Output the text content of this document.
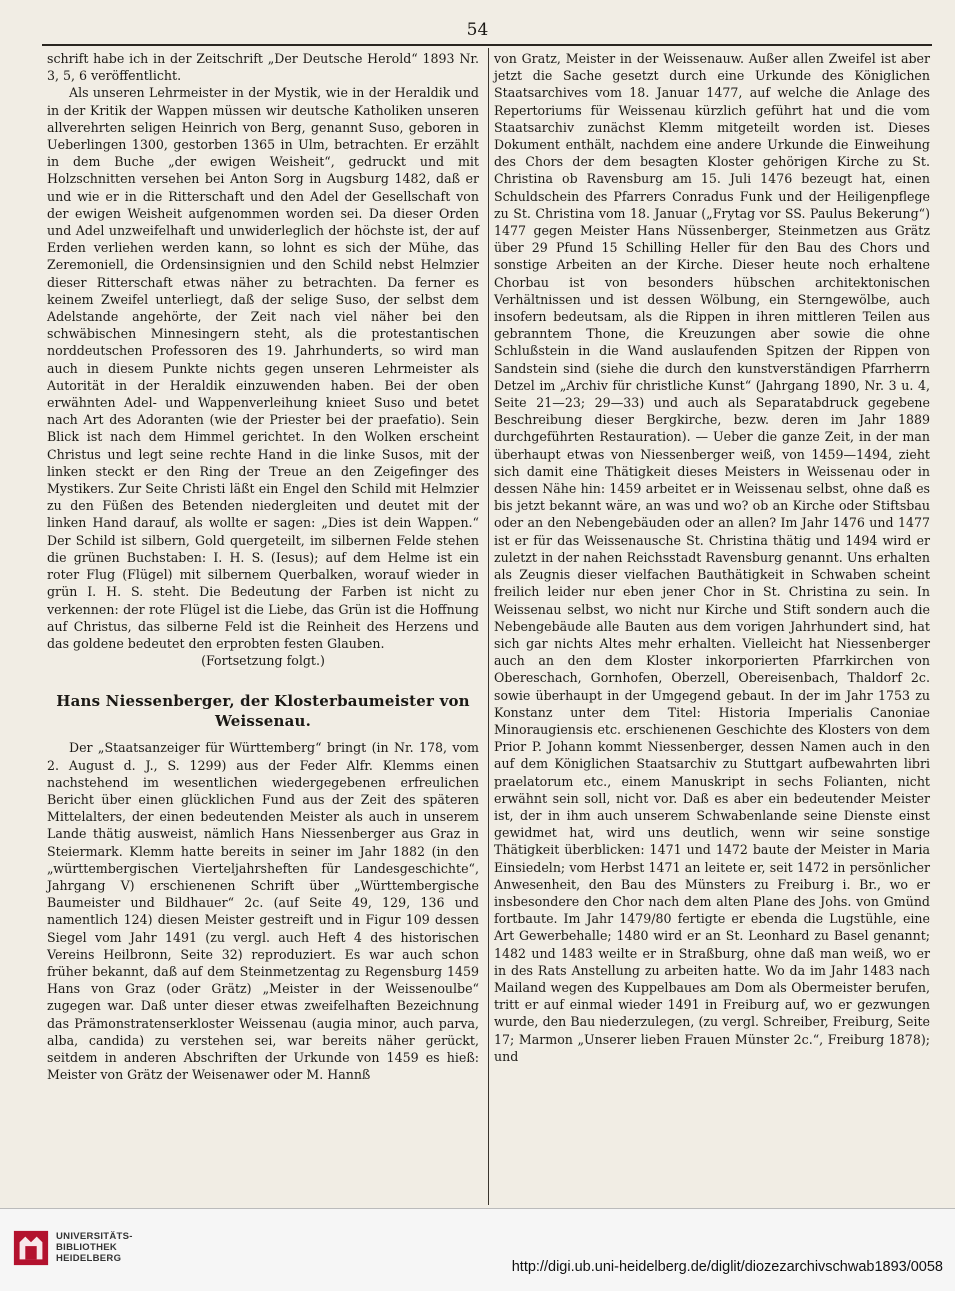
54

schrift habe ich in der Zeitschrift „Der Deutsche Herold“ 1893 Nr. 3, 5, 6 veröffentlicht.

Als unseren Lehrmeister in der Mystik, wie in der Heraldik und in der Kritik der Wappen müssen wir deutsche Katholiken unseren allverehrten seligen Heinrich von Berg, genannt Suso, geboren in Ueberlingen 1300, gestorben 1365 in Ulm, betrachten. Er erzählt in dem Buche „der ewigen Weisheit“, gedruckt und mit Holzschnitten versehen bei Anton Sorg in Augsburg 1482, daß er und wie er in die Ritterschaft und den Adel der Gesellschaft von der ewigen Weisheit aufgenommen worden sei. Da dieser Orden und Adel unzweifelhaft und unwiderleglich der höchste ist, der auf Erden verliehen werden kann, so lohnt es sich der Mühe, das Zeremoniell, die Ordensinsignien und den Schild nebst Helmzier dieser Ritterschaft etwas näher zu betrachten. Da ferner es keinem Zweifel unterliegt, daß der selige Suso, der selbst dem Adelstande angehörte, der Zeit nach viel näher bei den schwäbischen Minnesingern steht, als die protestantischen norddeutschen Professoren des 19. Jahrhunderts, so wird man auch in diesem Punkte nichts gegen unseren Lehrmeister als Autorität in der Heraldik einzuwenden haben. Bei der oben erwähnten Adel- und Wappenverleihung knieet Suso und betet nach Art des Adoranten (wie der Priester bei der praefatio). Sein Blick ist nach dem Himmel gerichtet. In den Wolken erscheint Christus und legt seine rechte Hand in die linke Susos, mit der linken steckt er den Ring der Treue an den Zeigefinger des Mystikers. Zur Seite Christi läßt ein Engel den Schild mit Helmzier zu den Füßen des Betenden niedergleiten und deutet mit der linken Hand darauf, als wollte er sagen: „Dies ist dein Wappen.“ Der Schild ist silbern, Gold quergeteilt, im silbernen Felde stehen die grünen Buchstaben: I. H. S. (Iesus); auf dem Helme ist ein roter Flug (Flügel) mit silbernem Querbalken, worauf wieder in grün I. H. S. steht. Die Bedeutung der Farben ist nicht zu verkennen: der rote Flügel ist die Liebe, das Grün ist die Hoffnung auf Christus, das silberne Feld ist die Reinheit des Herzens und das goldene bedeutet den erprobten festen Glauben.

(Fortsetzung folgt.)

Hans Niessenberger, der Klosterbaumeister von Weissenau.

Der „Staatsanzeiger für Württemberg“ bringt (in Nr. 178, vom 2. August d. J., S. 1299) aus der Feder Alfr. Klemms einen nachstehend im wesentlichen wiedergegebenen erfreulichen Bericht über einen glücklichen Fund aus der Zeit des späteren Mittelalters, der einen bedeutenden Meister als auch in unserem Lande thätig ausweist, nämlich Hans Niessenberger aus Graz in Steiermark. Klemm hatte bereits in seiner im Jahr 1882 (in den „württembergischen Vierteljahrsheften für Landesgeschichte“, Jahrgang V) erschienenen Schrift über „Württembergische Baumeister und Bildhauer“ 2c. (auf Seite 49, 129, 136 und namentlich 124) diesen Meister gestreift und in Figur 109 dessen Siegel vom Jahr 1491 (zu vergl. auch Heft 4 des historischen Vereins Heilbronn, Seite 32) reproduziert. Es war auch schon früher bekannt, daß auf dem Steinmetzentag zu Regensburg 1459 Hans von Graz (oder Grätz) „Meister in der Weissenoulbe“ zugegen war. Daß unter dieser etwas zweifelhaften Bezeichnung das Prämonstratenserkloster Weissenau (augia minor, auch parva, alba, candida) zu verstehen sei, war bereits näher gerückt, seitdem in anderen Abschriften der Urkunde von 1459 es hieß: Meister von Grätz der Weisenawer oder M. Hannß

von Gratz, Meister in der Weissenauw. Außer allen Zweifel ist aber jetzt die Sache gesetzt durch eine Urkunde des Königlichen Staatsarchives vom 18. Januar 1477, auf welche die Anlage des Repertoriums für Weissenau kürzlich geführt hat und die vom Staatsarchiv zunächst Klemm mitgeteilt worden ist. Dieses Dokument enthält, nachdem eine andere Urkunde die Einweihung des Chors der dem besagten Kloster gehörigen Kirche zu St. Christina ob Ravensburg am 15. Juli 1476 bezeugt hat, einen Schuldschein des Pfarrers Conradus Funk und der Heiligenpflege zu St. Christina vom 18. Januar („Frytag vor SS. Paulus Bekerung“) 1477 gegen Meister Hans Nüssenberger, Steinmetzen aus Grätz über 29 Pfund 15 Schilling Heller für den Bau des Chors und sonstige Arbeiten an der Kirche. Dieser heute noch erhaltene Chorbau ist von besonders hübschen architektonischen Verhältnissen und ist dessen Wölbung, ein Sterngewölbe, auch insofern bedeutsam, als die Rippen in ihren mittleren Teilen aus gebranntem Thone, die Kreuzungen aber sowie die ohne Schlußstein in die Wand auslaufenden Spitzen der Rippen von Sandstein sind (siehe die durch den kunstverständigen Pfarrherrn Detzel im „Archiv für christliche Kunst“ (Jahrgang 1890, Nr. 3 u. 4, Seite 21—23; 29—33) und auch als Separatabdruck gegebene Beschreibung dieser Bergkirche, bezw. deren im Jahr 1889 durchgeführten Restauration). — Ueber die ganze Zeit, in der man überhaupt etwas von Niessenberger weiß, von 1459—1494, zieht sich damit eine Thätigkeit dieses Meisters in Weissenau oder in dessen Nähe hin: 1459 arbeitet er in Weissenau selbst, ohne daß es bis jetzt bekannt wäre, an was und wo? ob an Kirche oder Stiftsbau oder an den Nebengebäuden oder an allen? Im Jahr 1476 und 1477 ist er für das Weissenausche St. Christina thätig und 1494 wird er zuletzt in der nahen Reichsstadt Ravensburg genannt. Uns erhalten als Zeugnis dieser vielfachen Bauthätigkeit in Schwaben scheint freilich leider nur eben jener Chor in St. Christina zu sein. In Weissenau selbst, wo nicht nur Kirche und Stift sondern auch die Nebengebäude alle Bauten aus dem vorigen Jahrhundert sind, hat sich gar nichts Altes mehr erhalten. Vielleicht hat Niessenberger auch an den dem Kloster inkorporierten Pfarrkirchen von Obereschach, Gornhofen, Oberzell, Obereisenbach, Thaldorf 2c. sowie überhaupt in der Umgegend gebaut. In der im Jahr 1753 zu Konstanz unter dem Titel: Historia Imperialis Canoniae Minoraugiensis etc. erschienenen Geschichte des Klosters von dem Prior P. Johann kommt Niessenberger, dessen Namen auch in den auf dem Königlichen Staatsarchiv zu Stuttgart aufbewahrten libri praelatorum etc., einem Manuskript in sechs Folianten, nicht erwähnt sein soll, nicht vor. Daß es aber ein bedeutender Meister ist, der in ihm auch unserem Schwabenlande seine Dienste einst gewidmet hat, wird uns deutlich, wenn wir seine sonstige Thätigkeit überblicken: 1471 und 1472 baute der Meister in Maria Einsiedeln; vom Herbst 1471 an leitete er, seit 1472 in persönlicher Anwesenheit, den Bau des Münsters zu Freiburg i. Br., wo er insbesondere den Chor nach dem alten Plane des Johs. von Gmünd fortbaute. Im Jahr 1479/80 fertigte er ebenda die Lugstühle, eine Art Gewerbehalle; 1480 wird er an St. Leonhard zu Basel genannt; 1482 und 1483 weilte er in Straßburg, ohne daß man weiß, wo er in des Rats Anstellung zu arbeiten hatte. Wo da im Jahr 1483 nach Mailand wegen des Kuppelbaues am Dom als Obermeister berufen, tritt er auf einmal wieder 1491 in Freiburg auf, wo er gezwungen wurde, den Bau niederzulegen, (zu vergl. Schreiber, Freiburg, Seite 17; Marmon „Unserer lieben Frauen Münster 2c.“, Freiburg 1878); und

UNIVERSITÄTS-
BIBLIOTHEK
HEIDELBERG
http://digi.ub.uni-heidelberg.de/diglit/diozezarchivschwab1893/0058
